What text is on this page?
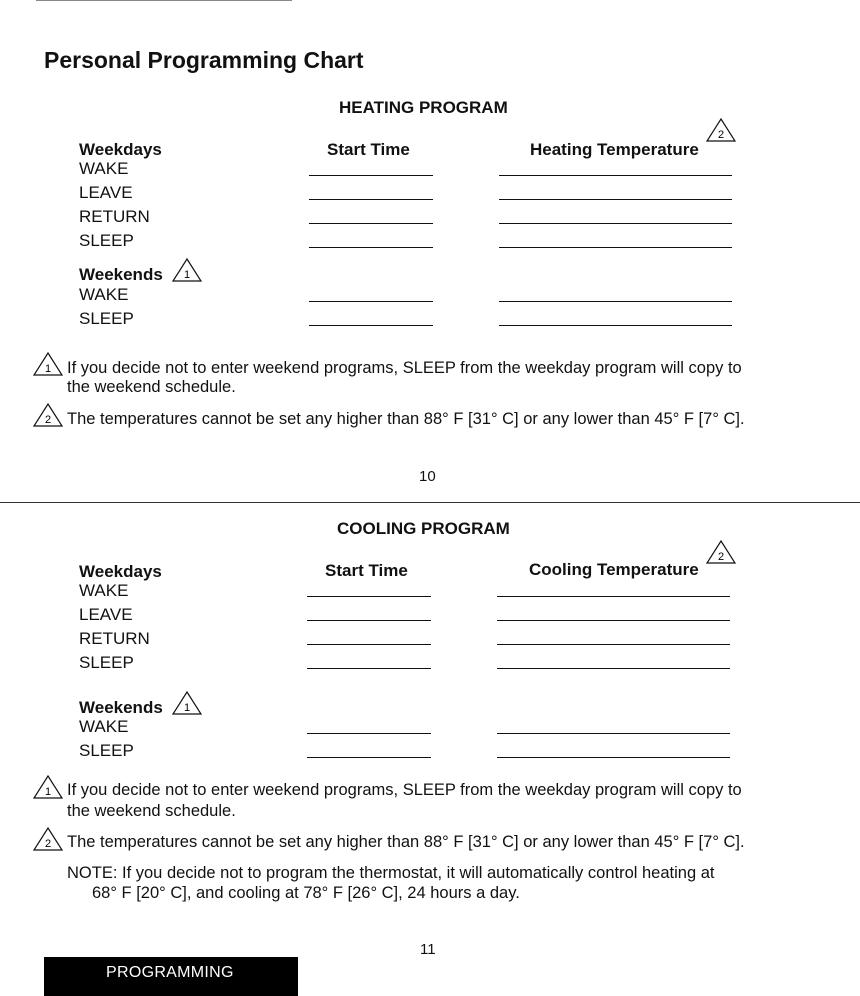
Personal Programming Chart
HEATING PROGRAM
Weekdays	Start Time	Heating Temperature
2
WAKE
LEAVE
RETURN
SLEEP
Weekends 1
WAKE
SLEEP
1 If you decide not to enter weekend programs, SLEEP from the weekday program will copy to
the weekend schedule.
2 The temperatures cannot be set any higher than 88° F [31° C] or any lower than 45° F [7° C].
10
COOLING PROGRAM
Weekdays	Start Time	Cooling Temperature
2
WAKE
LEAVE
RETURN
SLEEP
Weekends 1
WAKE
SLEEP
1 If you decide not to enter weekend programs, SLEEP from the weekday program will copy to
the weekend schedule.
2 The temperatures cannot be set any higher than 88° F [31° C] or any lower than 45° F [7° C].
NOTE: If you decide not to program the thermostat, it will automatically control heating at
68° F [20° C], and cooling at 78° F [26° C], 24 hours a day.
11
PROGRAMMING
